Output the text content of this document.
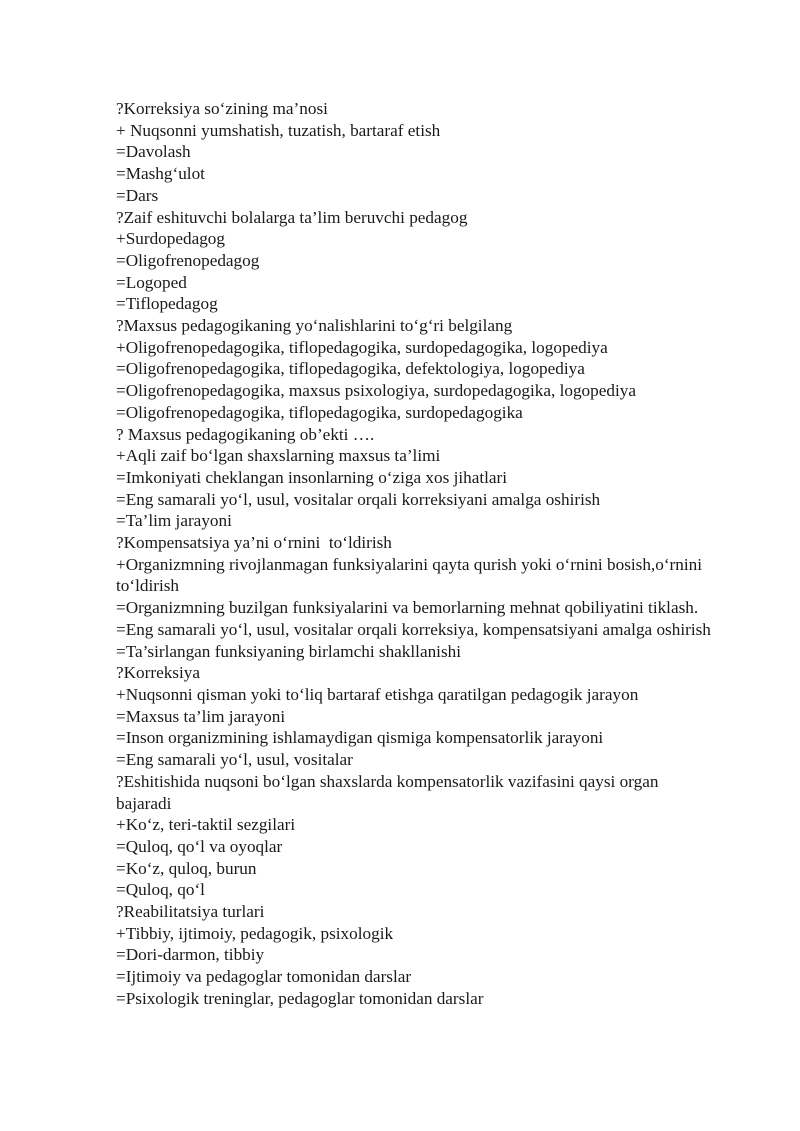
?Korreksiya so‘zining ma’nosi

+ Nuqsonni yumshatish, tuzatish, bartaraf etish

=Davolash

=Mashg‘ulot

=Dars

?Zaif eshituvchi bolalarga ta’lim beruvchi pedagog

+Surdopedagog

=Oligofrenopedagog

=Logoped

=Tiflopedagog

?Maxsus pedagogikaning yo‘nalishlarini to‘g‘ri belgilang

+Oligofrenopedagogika, tiflopedagogika, surdopedagogika, logopediya

=Oligofrenopedagogika, tiflopedagogika, defektologiya, logopediya

=Oligofrenopedagogika, maxsus psixologiya, surdopedagogika, logopediya

=Oligofrenopedagogika, tiflopedagogika, surdopedagogika

? Maxsus pedagogikaning ob’ekti ….

+Aqli zaif bo‘lgan shaxslarning maxsus ta’limi

=Imkoniyati cheklangan insonlarning o‘ziga xos jihatlari

=Eng samarali yo‘l, usul, vositalar orqali korreksiyani amalga oshirish

=Ta’lim jarayoni

?Kompensatsiya ya’ni o‘rnini  to‘ldirish

+Organizmning rivojlanmagan funksiyalarini qayta qurish yoki o‘rnini bosish,o‘rnini to‘ldirish

=Organizmning buzilgan funksiyalarini va bemorlarning mehnat qobiliyatini tiklash.

=Eng samarali yo‘l, usul, vositalar orqali korreksiya, kompensatsiyani amalga oshirish

=Ta’sirlangan funksiyaning birlamchi shakllanishi

?Korreksiya

+Nuqsonni qisman yoki to‘liq bartaraf etishga qaratilgan pedagogik jarayon

=Maxsus ta’lim jarayoni

=Inson organizmining ishlamaydigan qismiga kompensatorlik jarayoni

=Eng samarali yo‘l, usul, vositalar

?Eshitishida nuqsoni bo‘lgan shaxslarda kompensatorlik vazifasini qaysi organ bajaradi

+Ko‘z, teri-taktil sezgilari

=Quloq, qo‘l va oyoqlar

=Ko‘z, quloq, burun

=Quloq, qo‘l

?Reabilitatsiya turlari

+Tibbiy, ijtimoiy, pedagogik, psixologik

=Dori-darmon, tibbiy

=Ijtimoiy va pedagoglar tomonidan darslar

=Psixologik treninglar, pedagoglar tomonidan darslar
